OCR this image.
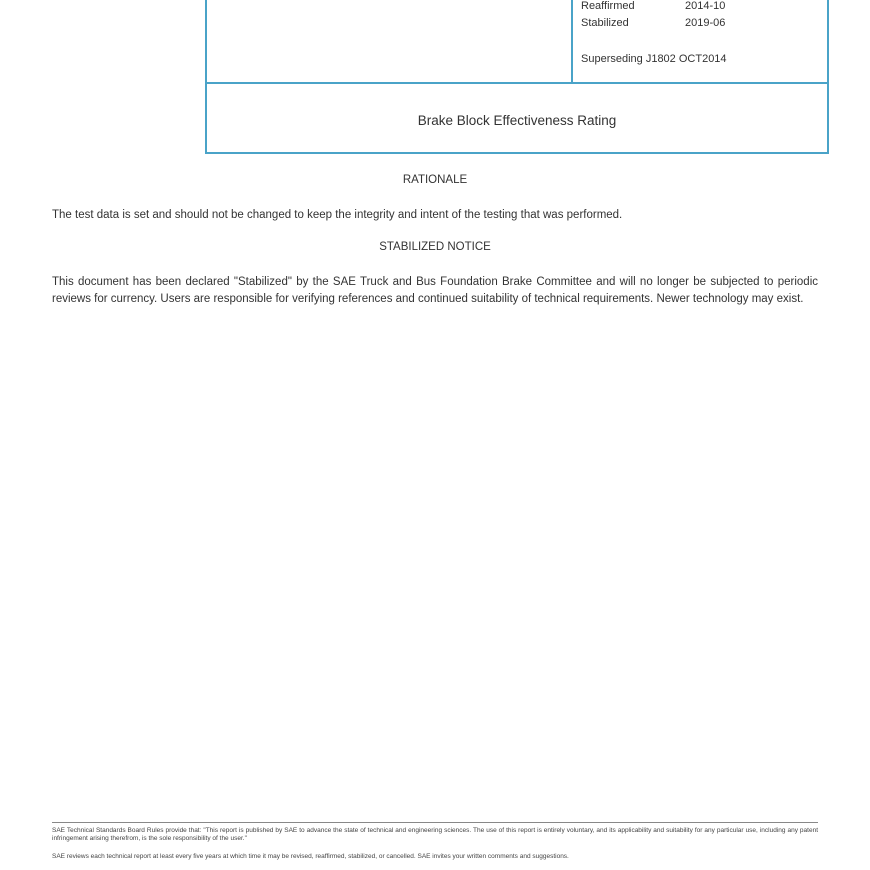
Reaffirmed	2014-10
Stabilized	2019-06
Superseding J1802 OCT2014
Brake Block Effectiveness Rating
RATIONALE
The test data is set and should not be changed to keep the integrity and intent of the testing that was performed.
STABILIZED NOTICE
This document has been declared "Stabilized" by the SAE Truck and Bus Foundation Brake Committee and will no longer be subjected to periodic reviews for currency. Users are responsible for verifying references and continued suitability of technical requirements. Newer technology may exist.
SAE Technical Standards Board Rules provide that: "This report is published by SAE to advance the state of technical and engineering sciences. The use of this report is entirely voluntary, and its applicability and suitability for any particular use, including any patent infringement arising therefrom, is the sole responsibility of the user."
SAE reviews each technical report at least every five years at which time it may be revised, reaffirmed, stabilized, or cancelled. SAE invites your written comments and suggestions.
